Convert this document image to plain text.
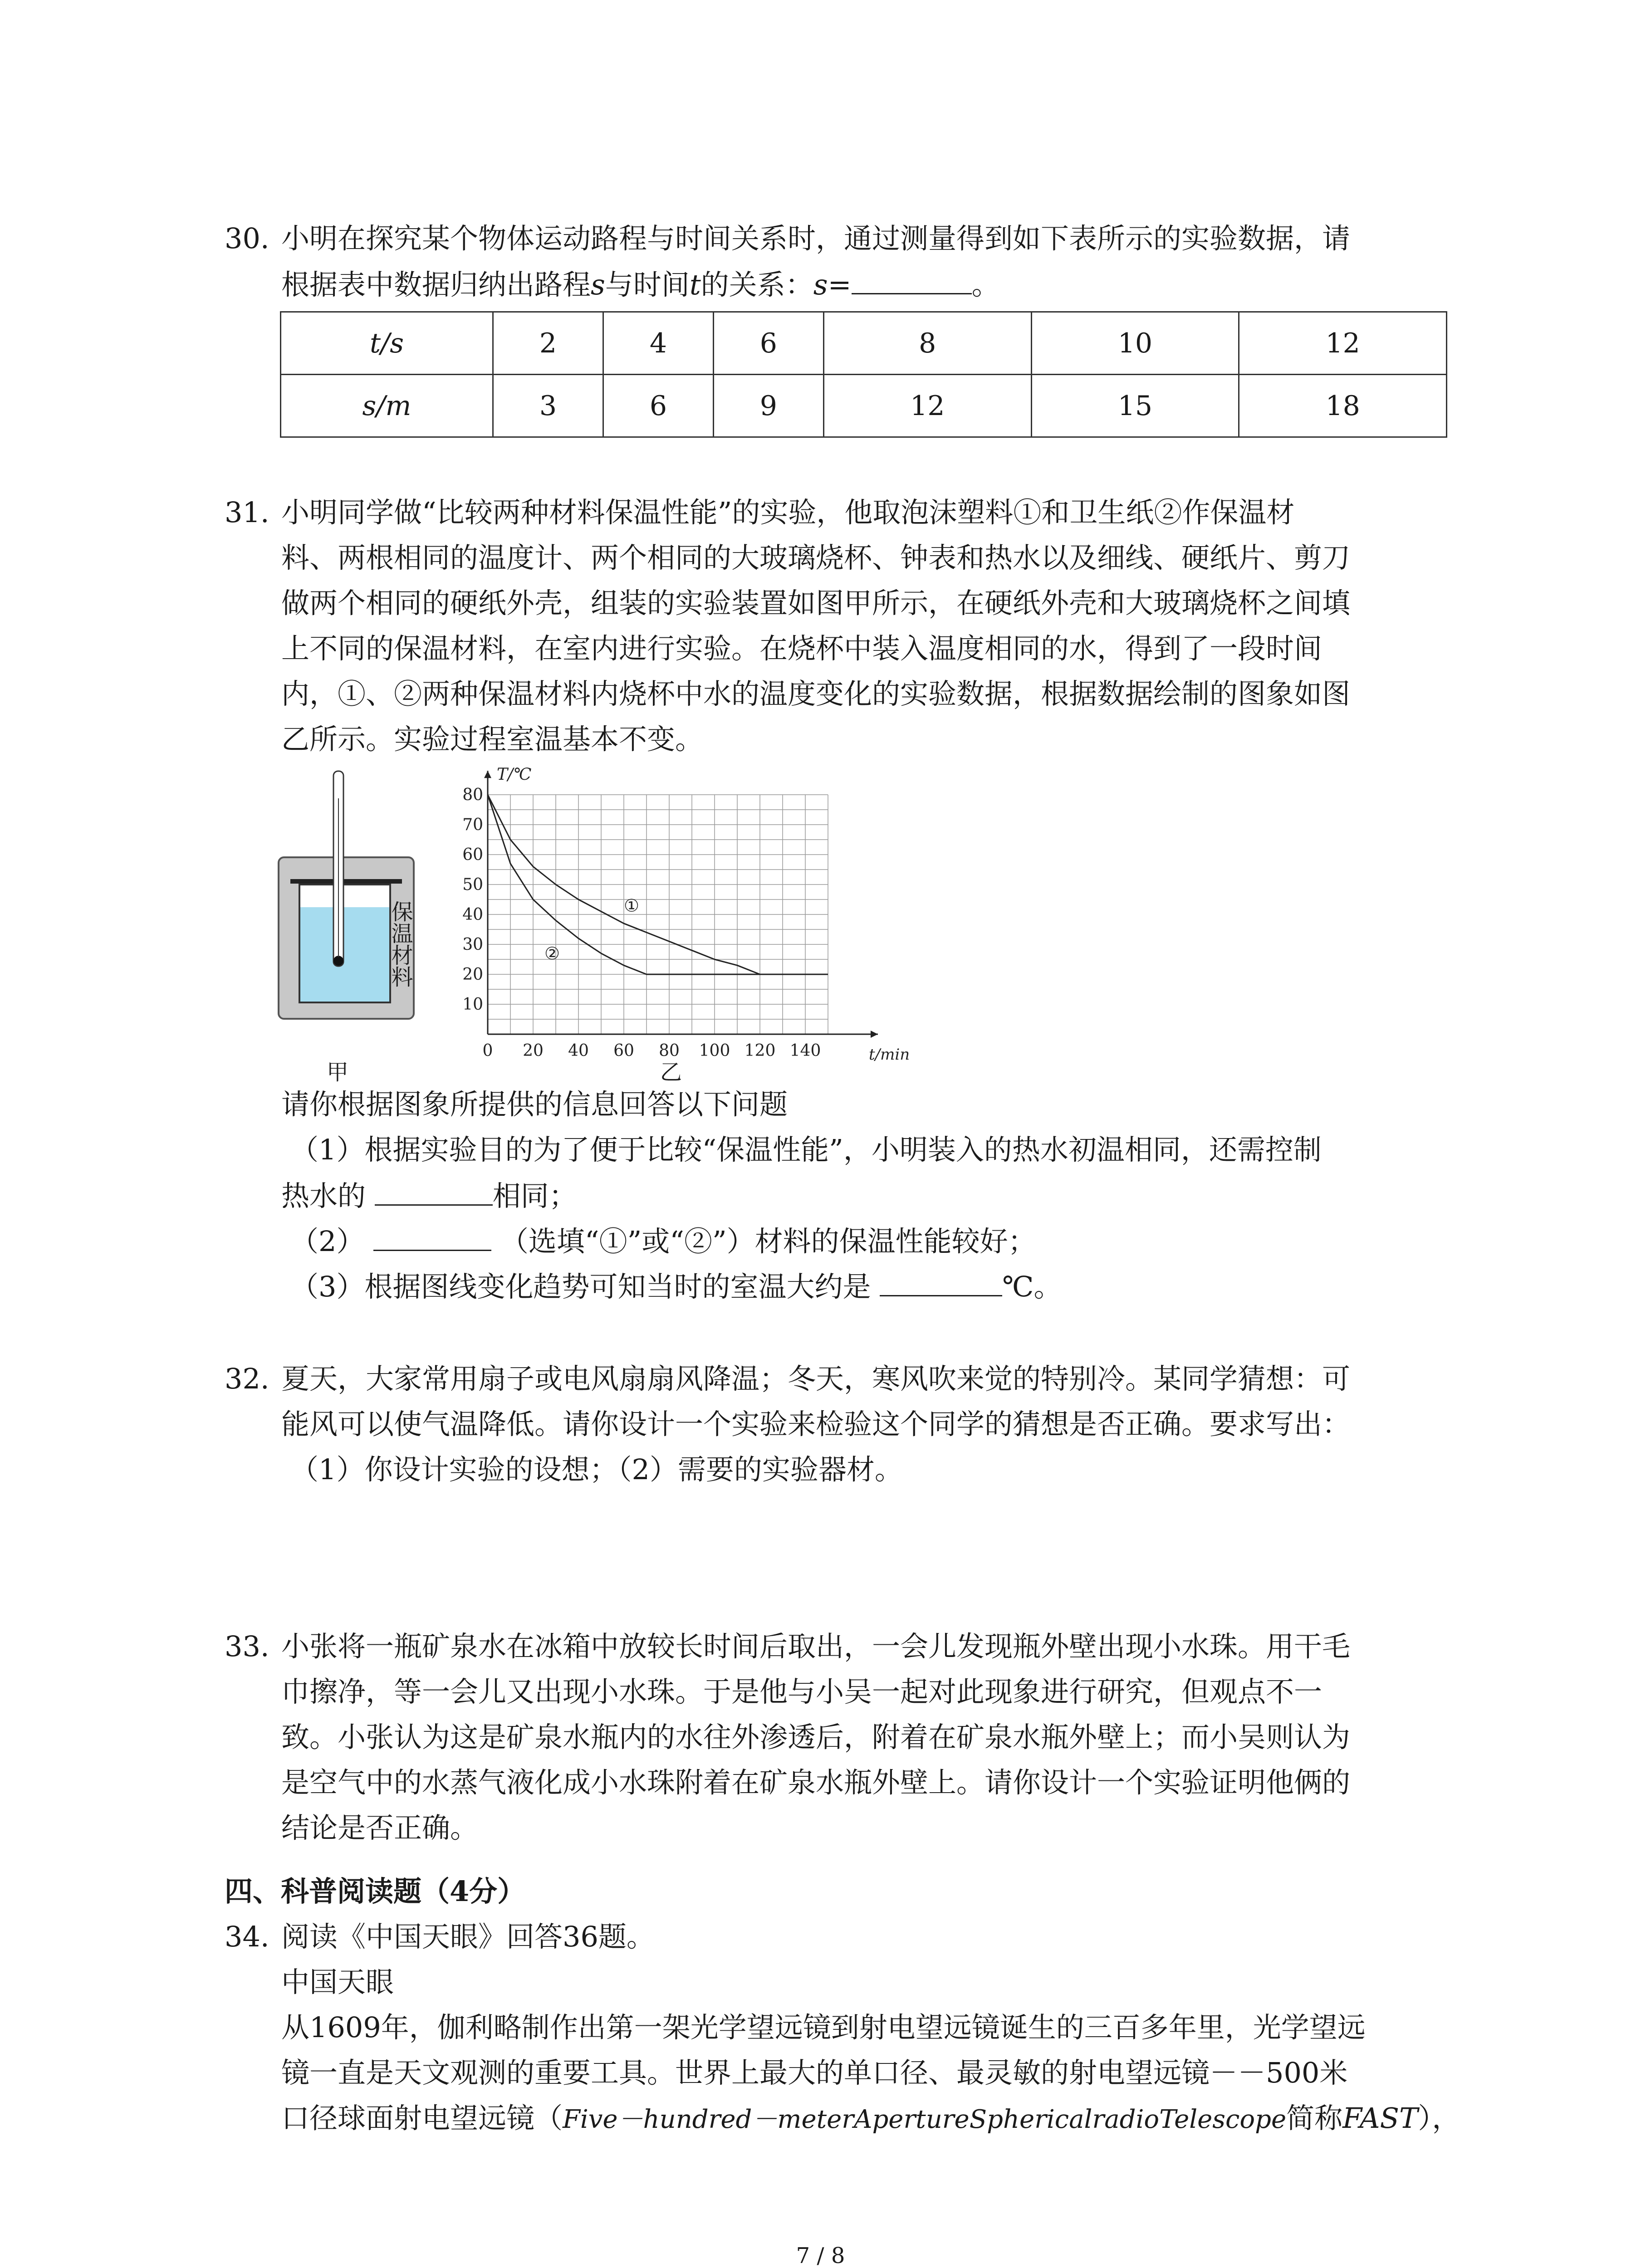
30. 小明在探究某个物体运动路程与时间关系时，通过测量得到如下表所示的实验数据，请
根据表中数据归纳出路程s与时间t的关系：s=	。
t/s	2	4	6	8	10	12
s/m	3	6	9	12	15	18
31. 小明同学做“比较两种材料保温性能”的实验，他取泡沫塑料①和卫生纸②作保温材
料、两根相同的温度计、两个相同的大玻璃烧杯、钟表和热水以及细线、硬纸片、剪刀
做两个相同的硬纸外壳，组装的实验装置如图甲所示，在硬纸外壳和大玻璃烧杯之间填
上不同的保温材料，在室内进行实验。在烧杯中装入温度相同的水，得到了一段时间
内，①、②两种保温材料内烧杯中水的温度变化的实验数据，根据数据绘制的图象如图
乙所示。实验过程室温基本不变。
保温材料
甲
0 20 40 60 80 100 120 140
10
20
30
40
50
60
70
80
T/℃
t/min
①
②
乙
请你根据图象所提供的信息回答以下问题
（1）根据实验目的为了便于比较“保温性能”，小明装入的热水初温相同，还需控制
热水的	相同；
（2）	（选填“①”或“②”）材料的保温性能较好；
（3）根据图线变化趋势可知当时的室温大约是	℃。
32. 夏天，大家常用扇子或电风扇扇风降温；冬天，寒风吹来觉的特别冷。某同学猜想：可
能风可以使气温降低。请你设计一个实验来检验这个同学的猜想是否正确。要求写出：
（1）你设计实验的设想；（2）需要的实验器材。
33. 小张将一瓶矿泉水在冰箱中放较长时间后取出，一会儿发现瓶外壁出现小水珠。用干毛
巾擦净，等一会儿又出现小水珠。于是他与小吴一起对此现象进行研究，但观点不一
致。小张认为这是矿泉水瓶内的水往外渗透后，附着在矿泉水瓶外壁上；而小吴则认为
是空气中的水蒸气液化成小水珠附着在矿泉水瓶外壁上。请你设计一个实验证明他俩的
结论是否正确。
四、科普阅读题（4分）
34. 阅读《中国天眼》回答36题。
中国天眼
从1609年，伽利略制作出第一架光学望远镜到射电望远镜诞生的三百多年里，光学望远
镜一直是天文观测的重要工具。世界上最大的单口径、最灵敏的射电望远镜－－500米
口径球面射电望远镜（Five－hundred－meterApertureSphericalradioTelescope简称FAST），
7 / 8
